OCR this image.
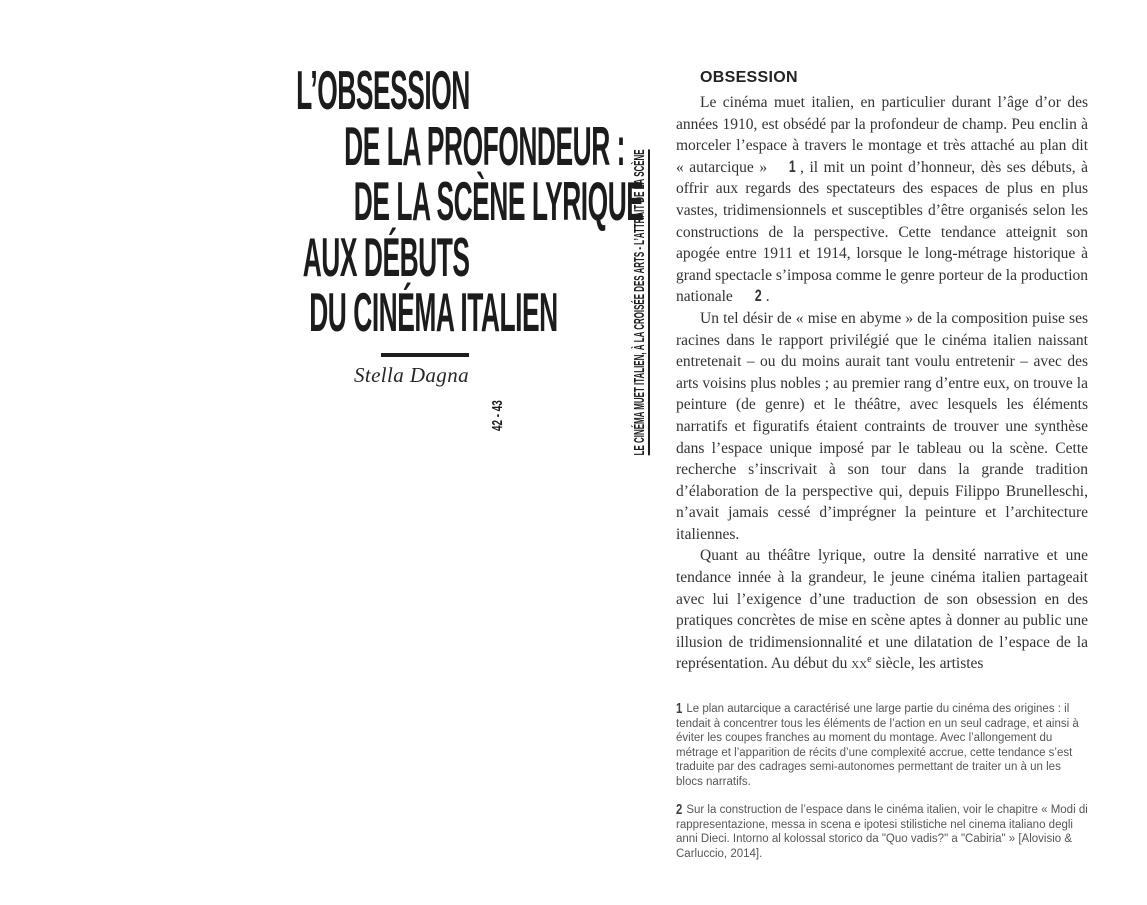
L’OBSESSION
DE LA PROFONDEUR :
DE LA SCÈNE LYRIQUE
AUX DÉBUTS
DU CINÉMA ITALIEN
Stella Dagna
42 - 43	LE CINÉMA MUET ITALIEN, À LA CROISÉE DES ARTS - L’ATTRAIT DE LA SCÈNE
OBSESSION

Le cinéma muet italien, en particulier durant l’âge d’or des années 1910, est obsédé par la profondeur de champ. Peu enclin à morceler l’espace à travers le montage et très attaché au plan dit « autarcique » 1 , il mit un point d’honneur, dès ses débuts, à offrir aux regards des spectateurs des espaces de plus en plus vastes, tridimensionnels et susceptibles d’être organisés selon les constructions de la perspective. Cette tendance atteignit son apogée entre 1911 et 1914, lorsque le long-métrage historique à grand spectacle s’imposa comme le genre porteur de la production nationale 2 .

Un tel désir de « mise en abyme » de la composition puise ses racines dans le rapport privilégié que le cinéma italien naissant entretenait – ou du moins aurait tant voulu entretenir – avec des arts voisins plus nobles ; au premier rang d’entre eux, on trouve la peinture (de genre) et le théâtre, avec lesquels les éléments narratifs et figuratifs étaient contraints de trouver une synthèse dans l’espace unique imposé par le tableau ou la scène. Cette recherche s’inscrivait à son tour dans la grande tradition d’élaboration de la perspective qui, depuis Filippo Brunelleschi, n’avait jamais cessé d’imprégner la peinture et l’architecture italiennes.

Quant au théâtre lyrique, outre la densité narrative et une tendance innée à la grandeur, le jeune cinéma italien partageait avec lui l’exigence d’une traduction de son obsession en des pratiques concrètes de mise en scène aptes à donner au public une illusion de tridimensionnalité et une dilatation de l’espace de la représentation. Au début du $xx^e$ siècle, les artistes

1 Le plan autarcique a caractérisé une large partie du cinéma des origines : il tendait à concentrer tous les éléments de l’action en un seul cadrage, et ainsi à éviter les coupes franches au moment du montage. Avec l’allongement du métrage et l’apparition de récits d’une complexité accrue, cette tendance s’est traduite par des cadrages semi-autonomes permettant de traiter un à un les blocs narratifs.

2 Sur la construction de l’espace dans le cinéma italien, voir le chapitre « Modi di rappresentazione, messa in scena e ipotesi stilistiche nel cinema italiano degli anni Dieci. Intorno al kolossal storico da "Quo vadis?" a "Cabiria" » [Alovisio & Carluccio, 2014].
